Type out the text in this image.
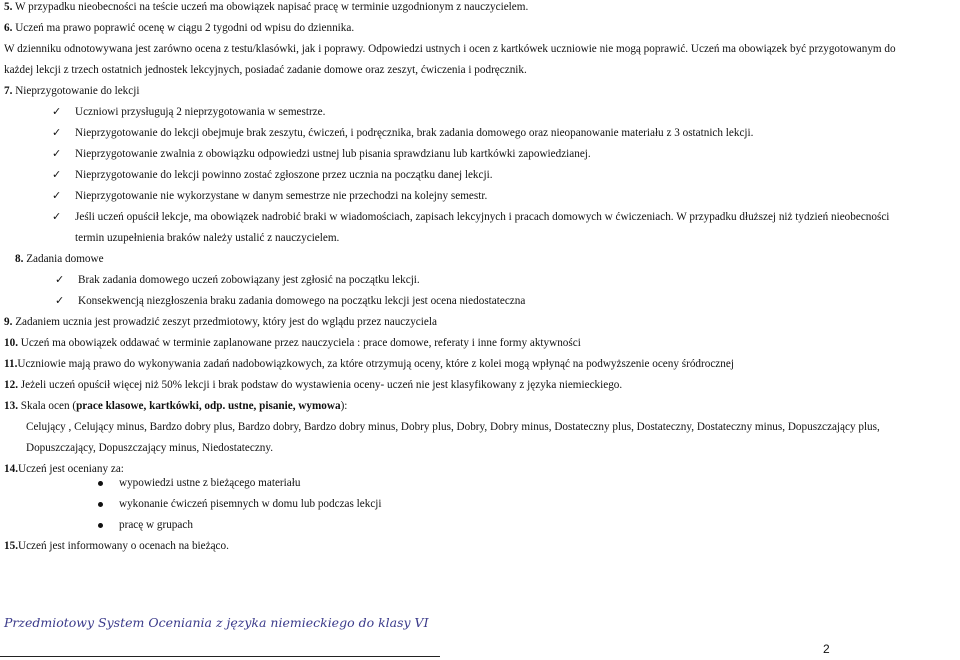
5. W przypadku nieobecności na teście uczeń ma obowiązek napisać pracę w terminie uzgodnionym z nauczycielem.
6. Uczeń ma prawo poprawić ocenę w ciągu 2 tygodni od wpisu do dziennika.
W dzienniku odnotowywana jest zarówno ocena z testu/klasówki, jak i poprawy. Odpowiedzi ustnych i ocen z kartkówek uczniowie nie mogą poprawić. Uczeń ma obowiązek być przygotowanym do
każdej lekcji z trzech ostatnich jednostek lekcyjnych, posiadać zadanie domowe oraz zeszyt, ćwiczenia i podręcznik.
7. Nieprzygotowanie do lekcji
✓ Uczniowi przysługują 2 nieprzygotowania w semestrze.
✓ Nieprzygotowanie do lekcji obejmuje brak zeszytu, ćwiczeń, i podręcznika, brak zadania domowego oraz nieopanowanie materiału z 3 ostatnich lekcji.
✓ Nieprzygotowanie zwalnia z obowiązku odpowiedzi ustnej lub pisania sprawdzianu lub kartkówki zapowiedzianej.
✓ Nieprzygotowanie do lekcji powinno zostać zgłoszone przez ucznia na początku danej lekcji.
✓ Nieprzygotowanie nie wykorzystane w danym semestrze nie przechodzi na kolejny semestr.
✓ Jeśli uczeń opuścił lekcje, ma obowiązek nadrobić braki w wiadomościach, zapisach lekcyjnych i pracach domowych w ćwiczeniach. W przypadku dłuższej niż tydzień nieobecności
termin uzupełnienia braków należy ustalić z nauczycielem.
8. Zadania domowe
✓ Brak zadania domowego uczeń zobowiązany jest zgłosić na początku lekcji.
✓ Konsekwencją niezgłoszenia braku zadania domowego na początku lekcji jest ocena niedostateczna
9. Zadaniem ucznia jest prowadzić zeszyt przedmiotowy, który jest do wglądu przez nauczyciela
10. Uczeń ma obowiązek oddawać w terminie zaplanowane przez nauczyciela : prace domowe, referaty i inne formy aktywności
11.Uczniowie mają prawo do wykonywania zadań nadobowiązkowych, za które otrzymują oceny, które z kolei mogą wpłynąć na podwyższenie oceny śródrocznej
12. Jeżeli uczeń opuścił więcej niż 50% lekcji i brak podstaw do wystawienia oceny- uczeń nie jest klasyfikowany z języka niemieckiego.
13. Skala ocen (prace klasowe, kartkówki, odp. ustne, pisanie, wymowa):
Celujący , Celujący minus, Bardzo dobry plus, Bardzo dobry, Bardzo dobry minus, Dobry plus, Dobry, Dobry minus, Dostateczny plus, Dostateczny, Dostateczny minus, Dopuszczający plus,
Dopuszczający, Dopuszczający minus, Niedostateczny.
14.Uczeń jest oceniany za:
wypowiedzi ustne z bieżącego materiału
wykonanie ćwiczeń pisemnych w domu lub podczas lekcji
pracę w grupach
15.Uczeń jest informowany o ocenach na bieżąco.
Przedmiotowy System Oceniania z języka niemieckiego do klasy VI
2
